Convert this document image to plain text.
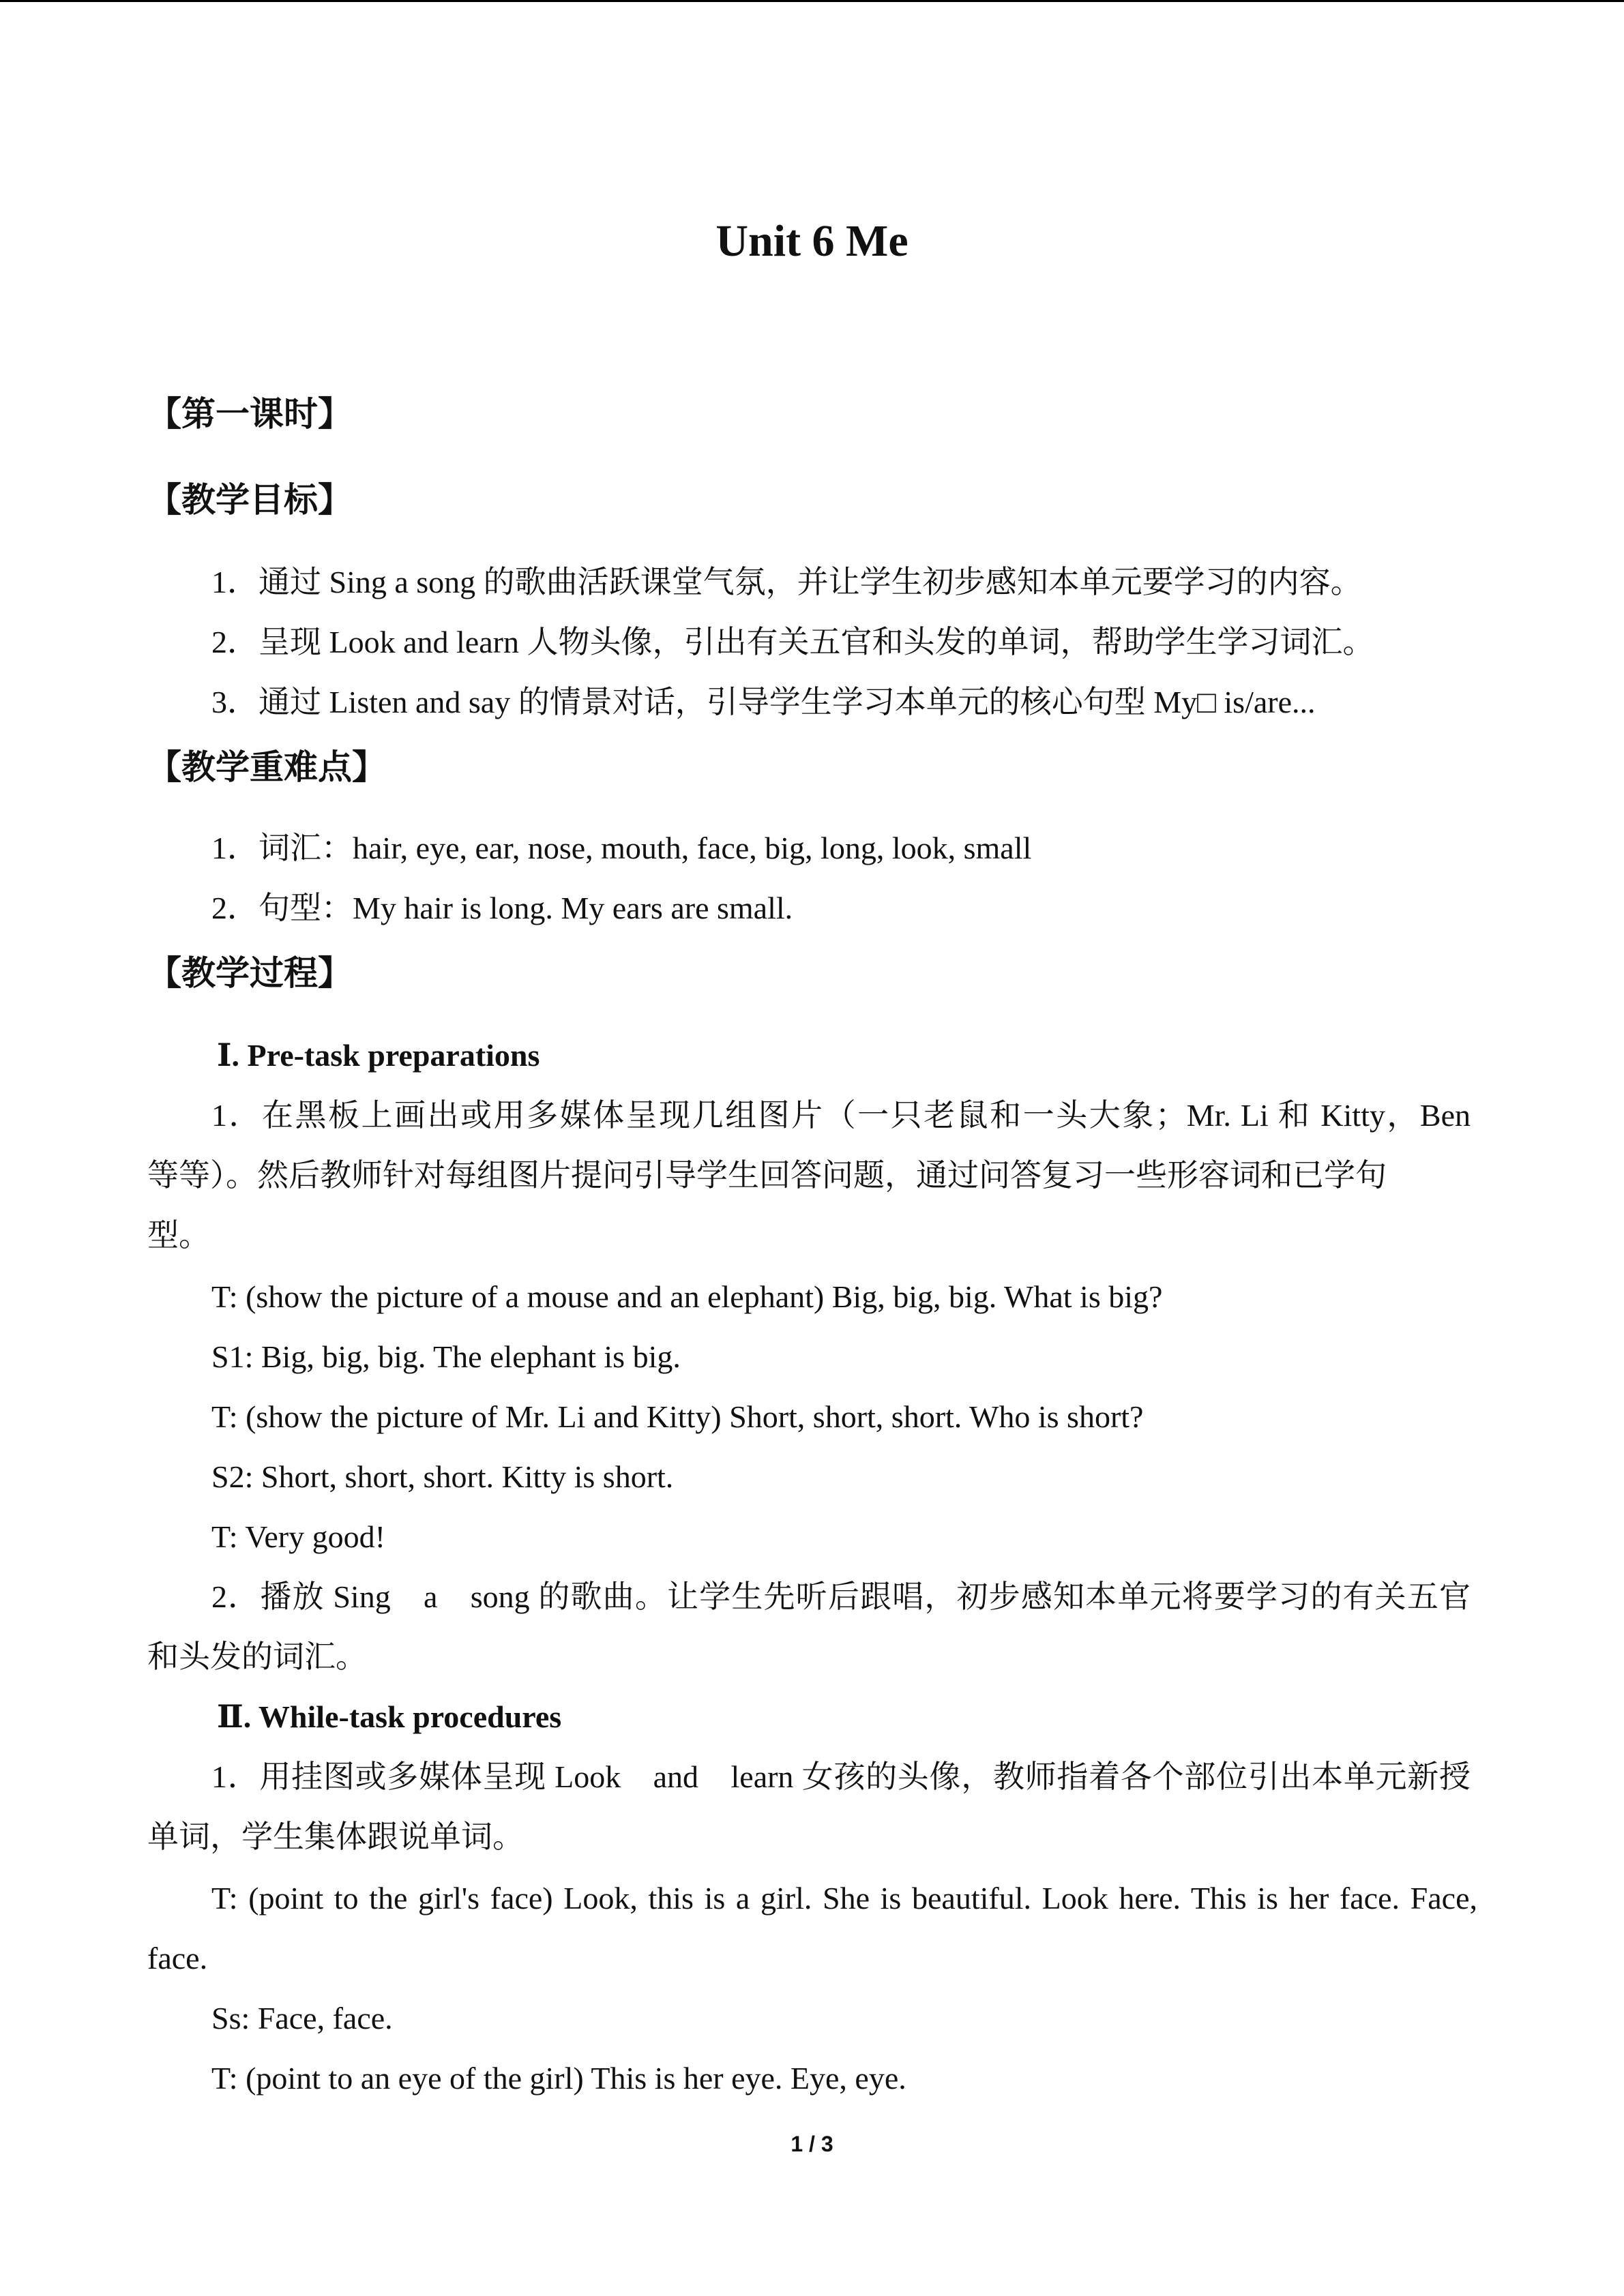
Unit 6 Me
【第一课时】
【教学目标】
1．通过 Sing a song 的歌曲活跃课堂气氛，并让学生初步感知本单元要学习的内容。
2．呈现 Look and learn 人物头像，引出有关五官和头发的单词，帮助学生学习词汇。
3．通过 Listen and say 的情景对话，引导学生学习本单元的核心句型 My□ is/are...
【教学重难点】
1．词汇：hair, eye, ear, nose, mouth, face, big, long, look, small
2．句型：My hair is long. My ears are small.
【教学过程】
Ⅰ. Pre-task preparations
1．在黑板上画出或用多媒体呈现几组图片（一只老鼠和一头大象；Mr. Li 和 Kitty，Ben
等等）。然后教师针对每组图片提问引导学生回答问题，通过问答复习一些形容词和已学句
型。
T: (show the picture of a mouse and an elephant) Big, big, big. What is big?
S1: Big, big, big. The elephant is big.
T: (show the picture of Mr. Li and Kitty) Short, short, short. Who is short?
S2: Short, short, short. Kitty is short.
T: Very good!
2．播放 Sing　a　song 的歌曲。让学生先听后跟唱，初步感知本单元将要学习的有关五官
和头发的词汇。
Ⅱ. While-task procedures
1．用挂图或多媒体呈现 Look　and　learn 女孩的头像，教师指着各个部位引出本单元新授
单词，学生集体跟说单词。
T: (point to the girl's face) Look, this is a girl. She is beautiful. Look here. This is her face. Face,
face.
Ss: Face, face.
T: (point to an eye of the girl) This is her eye. Eye, eye.
1 / 3
